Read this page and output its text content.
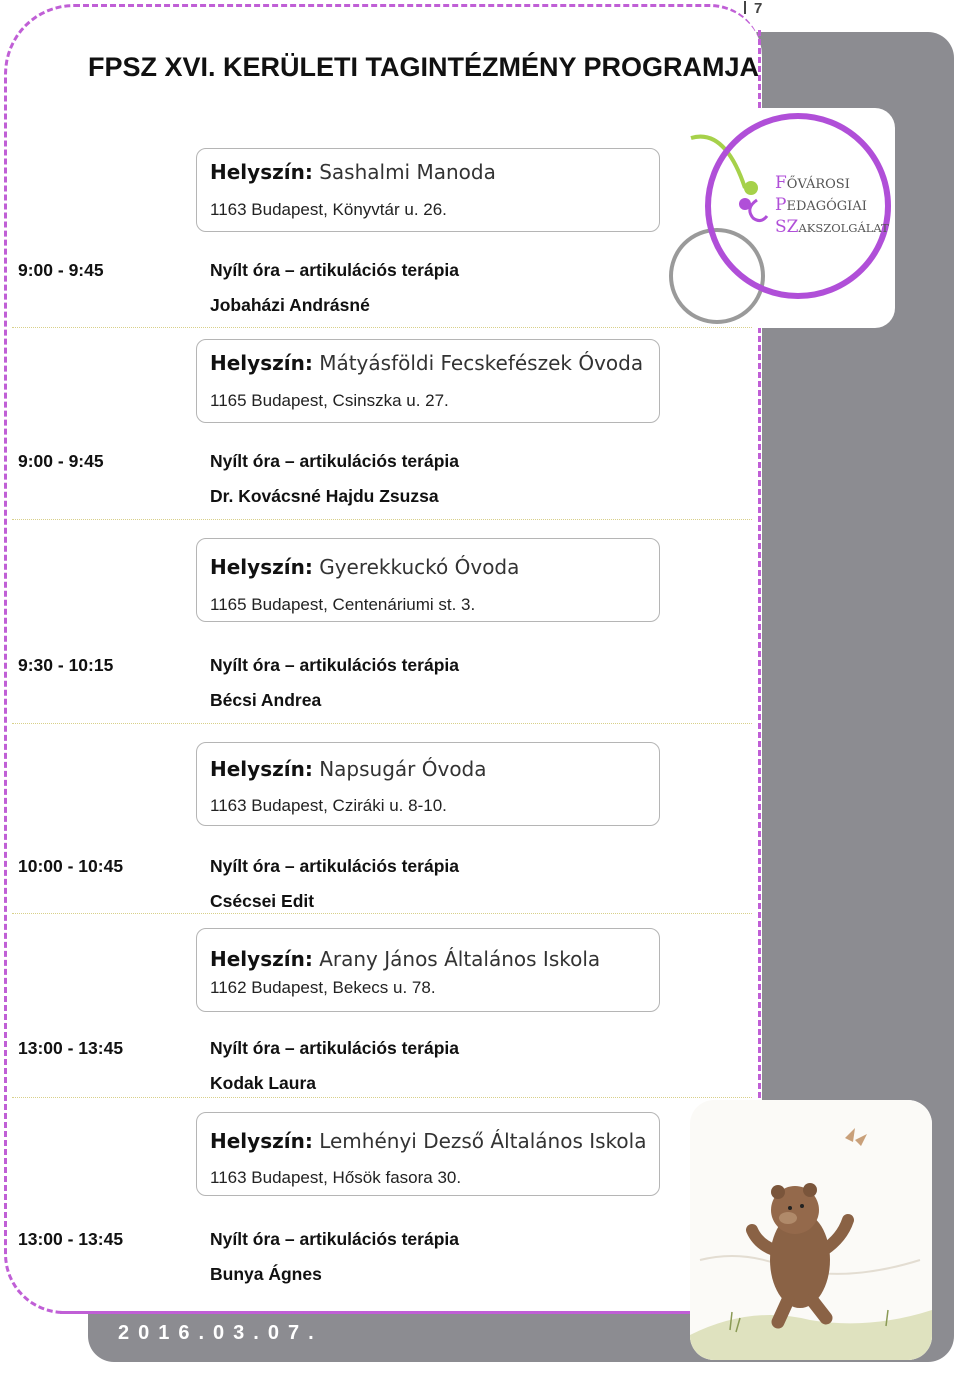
7
FPSZ XVI. KERÜLETI TAGINTÉZMÉNY PROGRAMJA
FŐVÁROSI
PEDAGÓGIAI
SZAKSZOLGÁLAT
Helyszín: Sashalmi Manoda
1163 Budapest, Könyvtár u. 26.
9:00 - 9:45	Nyílt óra – artikulációs terápia
Jobaházi Andrásné
Helyszín: Mátyásföldi Fecskefészek Óvoda
1165 Budapest, Csinszka u. 27.
9:00 - 9:45	Nyílt óra – artikulációs terápia
Dr. Kovácsné Hajdu Zsuzsa
Helyszín: Gyerekkuckó Óvoda
1165 Budapest, Centenáriumi st. 3.
9:30 - 10:15	Nyílt óra – artikulációs terápia
Bécsi Andrea
Helyszín: Napsugár Óvoda
1163 Budapest, Cziráki u. 8-10.
10:00 - 10:45	Nyílt óra – artikulációs terápia
Csécsei Edit
Helyszín: Arany János Általános Iskola
1162 Budapest, Bekecs u. 78.
13:00 - 13:45	Nyílt óra – artikulációs terápia
Kodak Laura
Helyszín: Lemhényi Dezső Általános Iskola
1163 Budapest, Hősök fasora 30.
13:00 - 13:45	Nyílt óra – artikulációs terápia
Bunya Ágnes
2016.03.07.
